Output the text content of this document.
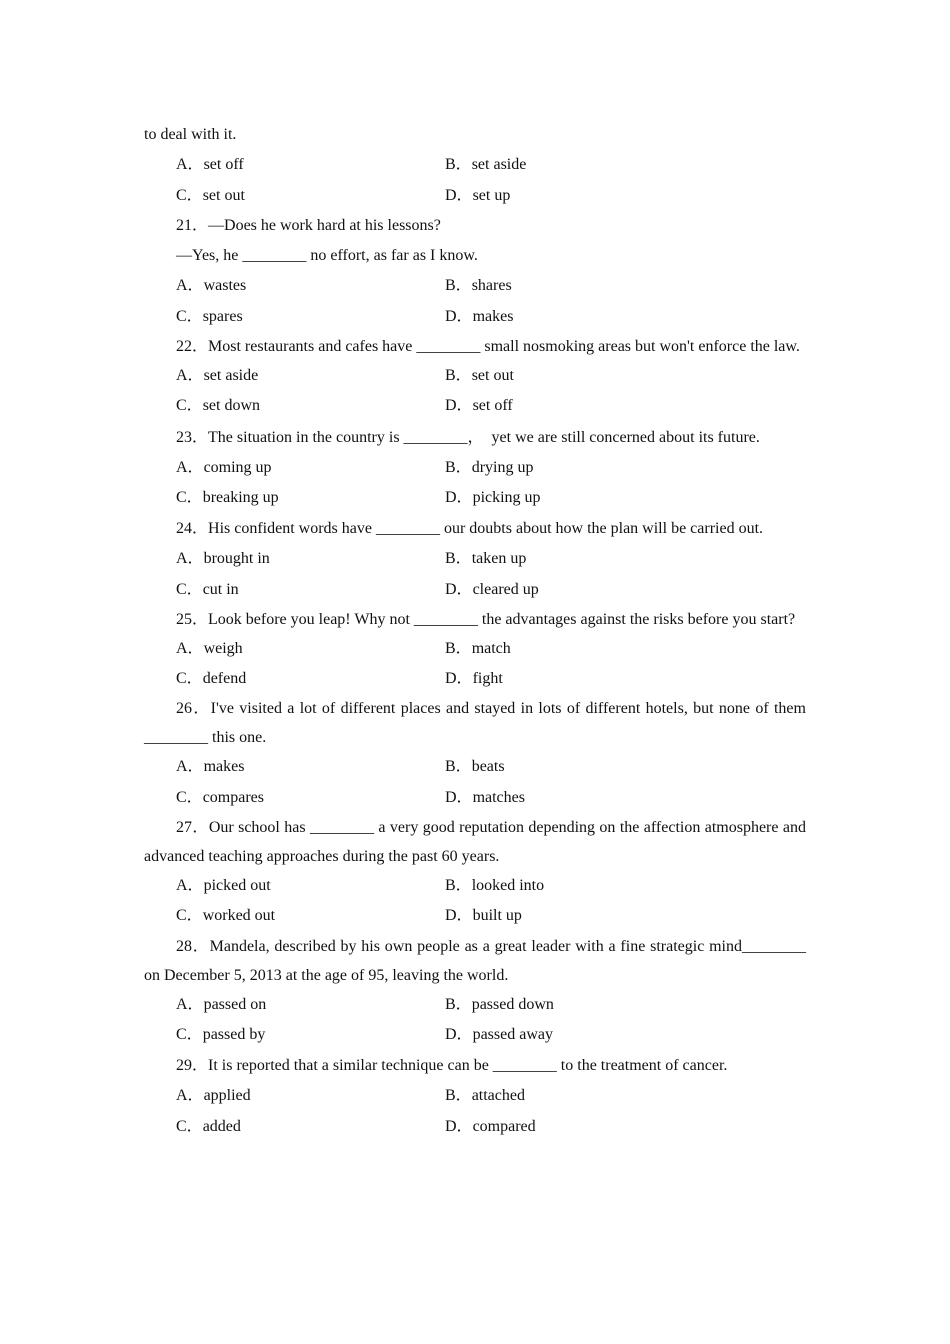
to deal with it.
A．set off	B．set aside
C．set out	D．set up
21．—Does he work hard at his lessons?
—Yes, he ________ no effort, as far as I know.
A．wastes	B．shares
C．spares	D．makes
22．Most restaurants and cafes have ________ small nosmoking areas but won't enforce the law.
A．set aside	B．set out
C．set down	D．set off
23．The situation in the country is ________，　yet we are still concerned about its future.
A．coming up	B．drying up
C．breaking up	D．picking up
24．His confident words have ________ our doubts about how the plan will be carried out.
A．brought in	B．taken up
C．cut in	D．cleared up
25．Look before you leap! Why not ________ the advantages against the risks before you start?
A．weigh	B．match
C．defend	D．fight
26．I've visited a lot of different places and stayed in lots of different hotels, but none of them ________ this one.
A．makes	B．beats
C．compares	D．matches
27．Our school has ________ a very good reputation depending on the affection atmosphere and advanced teaching approaches during the past 60 years.
A．picked out	B．looked into
C．worked out	D．built up
28．Mandela, described by his own people as a great leader with a fine strategic mind________ on December 5, 2013 at the age of 95, leaving the world.
A．passed on	B．passed down
C．passed by	D．passed away
29．It is reported that a similar technique can be ________ to the treatment of cancer.
A．applied	B．attached
C．added	D．compared
